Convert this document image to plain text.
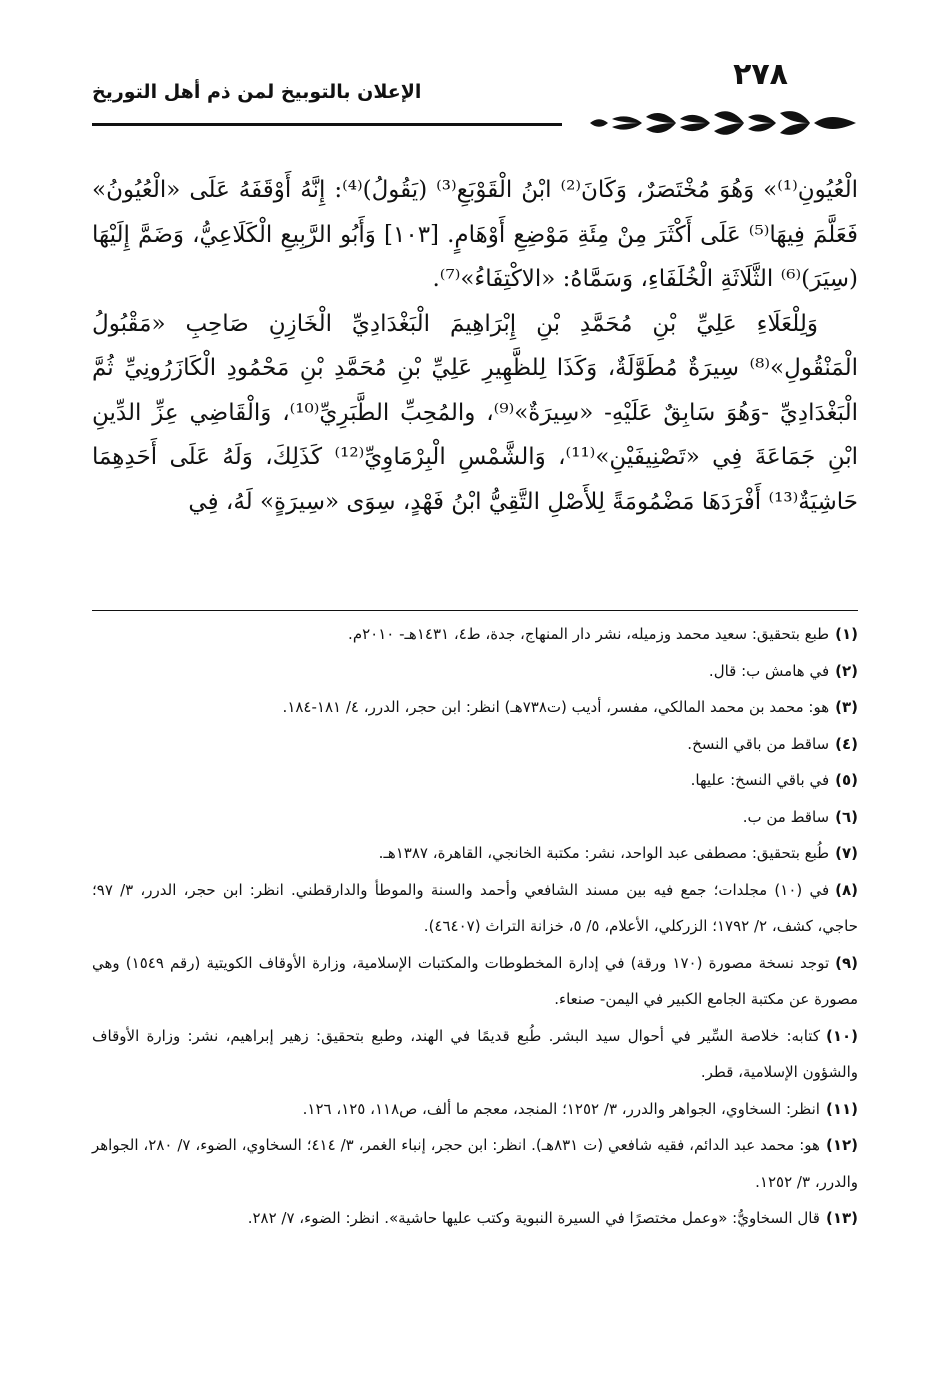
٢٧٨
الإعلان بالتوبيخ لمن ذم أهل التوريخ

الْعُيُونِ⁽¹⁾» وَهُوَ مُخْتَصَرٌ، وَكَانَ⁽²⁾ ابْنُ الْقَوْبَعِ⁽³⁾ (يَقُولُ)⁽⁴⁾: إِنَّهُ أَوْقَفَهُ عَلَى «الْعُيُونُ» فَعَلَّمَ فِيهَا⁽⁵⁾ عَلَى أَكْثَرَ مِنْ مِئَةِ مَوْضِعِ أَوْهَامٍ. [١٠٣] وَأَبُو الرَّبِيعِ الْكَلَاعِيُّ، وَضَمَّ إِلَيْهَا (سِيَرَ)⁽⁶⁾ الثَّلَاثَةِ الْخُلَفَاءِ، وَسَمَّاهُ: «الاكْتِفَاءُ»⁽⁷⁾.

وَلِلْعَلَاءِ عَلِيِّ بْنِ مُحَمَّدِ بْنِ إِبْرَاهِيمَ الْبَغْدَادِيِّ الْخَازِنِ صَاحِبِ «مَقْبُولُ الْمَنْقُولِ»⁽⁸⁾ سِيرَةٌ مُطَوَّلَةٌ، وَكَذَا لِلظَّهِيرِ عَلِيِّ بْنِ مُحَمَّدِ بْنِ مَحْمُودِ الْكَازَرُونِيِّ ثُمَّ الْبَغْدَادِيِّ -وَهُوَ سَابِقٌ عَلَيْهِ- «سِيرَةٌ»⁽⁹⁾، والمُحِبِّ الطَّبَرِيِّ⁽¹⁰⁾، وَالْقَاضِي عِزِّ الدِّينِ ابْنِ جَمَاعَةَ فِي «تَصْنِيفَيْنِ»⁽¹¹⁾، وَالشَّمْسِ الْبِرْمَاوِيِّ⁽¹²⁾ كَذَلِكَ، وَلَهُ عَلَى أَحَدِهِمَا حَاشِيَةٌ⁽¹³⁾ أَفْرَدَهَا مَضْمُومَةً لِلأَصْلِ التَّقِيُّ ابْنُ فَهْدٍ، سِوَى «سِيرَةٍ» لَهُ، فِي

(١)طبع بتحقيق: سعيد محمد وزميله، نشر دار المنهاج، جدة، ط٤، ١٤٣١هـ- ٢٠١٠م.

(٢)في هامش ب: قال.

(٣)هو: محمد بن محمد المالكي، مفسر، أديب (ت٧٣٨هـ) انظر: ابن حجر، الدرر، ٤/ ١٨١-١٨٤.

(٤)ساقط من باقي النسخ.

(٥)في باقي النسخ: عليها.

(٦)ساقط من ب.

(٧)طُبع بتحقيق: مصطفى عبد الواحد، نشر: مكتبة الخانجي، القاهرة، ١٣٨٧هـ.

(٨)في (١٠) مجلدات؛ جمع فيه بين مسند الشافعي وأحمد والسنة والموطأ والدارقطني. انظر: ابن حجر، الدرر، ٣/ ٩٧؛ حاجي، كشف، ٢/ ١٧٩٢؛ الزركلي، الأعلام، ٥/ ٥، خزانة التراث (٤٦٤٠٧).

(٩)توجد نسخة مصورة (١٧٠ ورقة) في إدارة المخطوطات والمكتبات الإسلامية، وزارة الأوقاف الكويتية (رقم ١٥٤٩) وهي مصورة عن مكتبة الجامع الكبير في اليمن- صنعاء.

(١٠)كتابه: خلاصة السِّير في أحوال سيد البشر. طُبع قديمًا في الهند، وطبع بتحقيق: زهير إبراهيم، نشر: وزارة الأوقاف والشؤون الإسلامية، قطر.

(١١)انظر: السخاوي، الجواهر والدرر، ٣/ ١٢٥٢؛ المنجد، معجم ما ألف، ص١١٨، ١٢٥، ١٢٦.

(١٢)هو: محمد عبد الدائم، فقيه شافعي (ت ٨٣١هـ). انظر: ابن حجر، إنباء الغمر، ٣/ ٤١٤؛ السخاوي، الضوء، ٧/ ٢٨٠، الجواهر والدرر، ٣/ ١٢٥٢.

(١٣)قال السخاويُّ: «وعمل مختصرًا في السيرة النبوية وكتب عليها حاشية». انظر: الضوء، ٧/ ٢٨٢.
